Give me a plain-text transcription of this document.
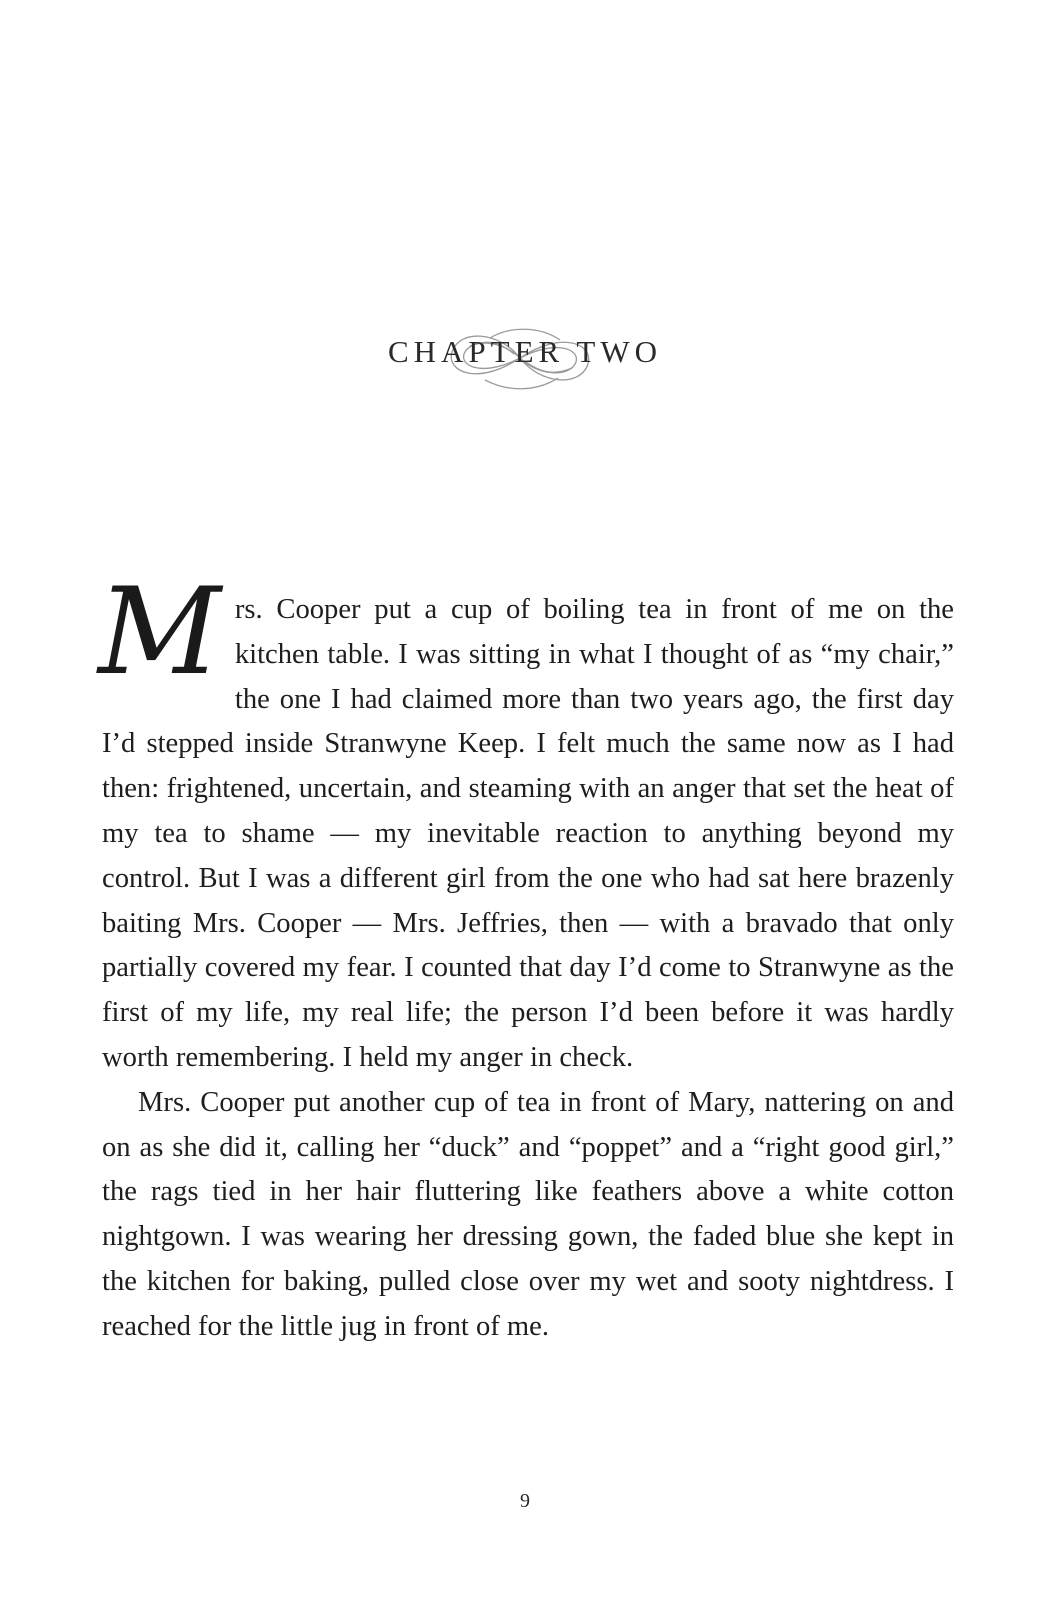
CHAPTER TWO

Mrs. Cooper put a cup of boiling tea in front of me on the kitchen table. I was sitting in what I thought of as “my chair,” the one I had claimed more than two years ago, the first day I’d stepped inside Stranwyne Keep. I felt much the same now as I had then: frightened, uncertain, and steaming with an anger that set the heat of my tea to shame — my inevitable reaction to anything beyond my control. But I was a different girl from the one who had sat here brazenly baiting Mrs. Cooper — Mrs. Jeffries, then — with a bravado that only partially covered my fear. I counted that day I’d come to Stranwyne as the first of my life, my real life; the person I’d been before it was hardly worth remembering. I held my anger in check.

Mrs. Cooper put another cup of tea in front of Mary, nattering on and on as she did it, calling her “duck” and “poppet” and a “right good girl,” the rags tied in her hair fluttering like feathers above a white cotton nightgown. I was wearing her dressing gown, the faded blue she kept in the kitchen for baking, pulled close over my wet and sooty nightdress. I reached for the little jug in front of me.

9
